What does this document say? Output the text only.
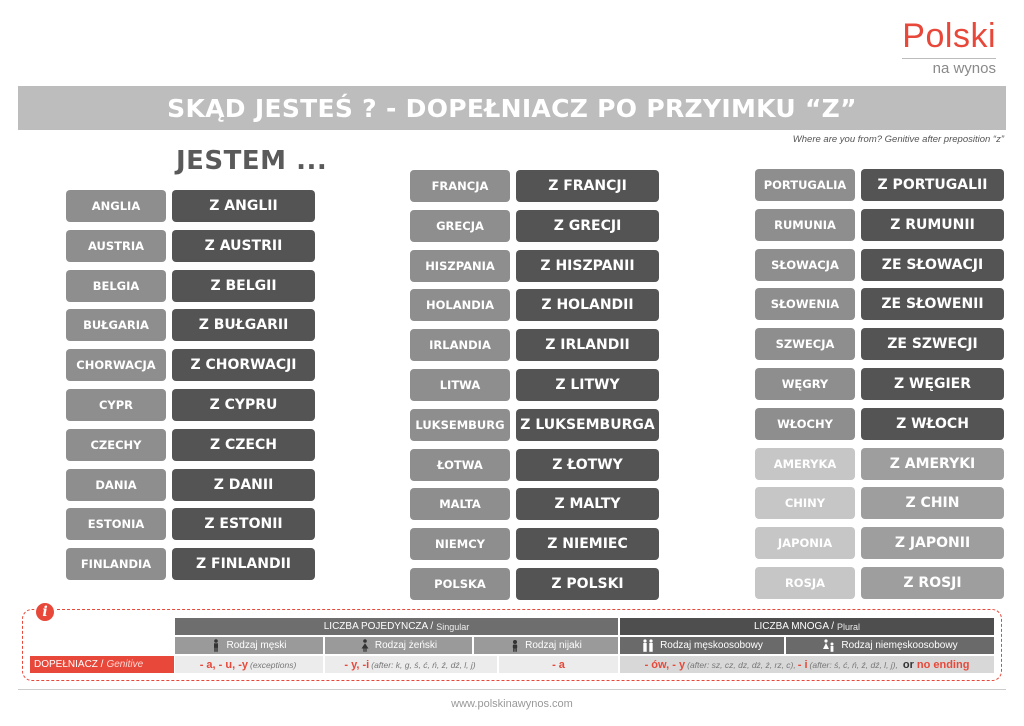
Polski
na wynos
SKĄD JESTEŚ ? - DOPEŁNIACZ PO PRZYIMKU “Z”
Where are you from? Genitive after preposition “z”
JESTEM ...
ANGLIA	Z ANGLII
AUSTRIA	Z AUSTRII
BELGIA	Z BELGII
BUŁGARIA	Z BUŁGARII
CHORWACJA	Z CHORWACJI
CYPR	Z CYPRU
CZECHY	Z CZECH
DANIA	Z DANII
ESTONIA	Z ESTONII
FINLANDIA	Z FINLANDII
FRANCJA	Z FRANCJI
GRECJA	Z GRECJI
HISZPANIA	Z HISZPANII
HOLANDIA	Z HOLANDII
IRLANDIA	Z IRLANDII
LITWA	Z LITWY
LUKSEMBURG	Z LUKSEMBURGA
ŁOTWA	Z ŁOTWY
MALTA	Z MALTY
NIEMCY	Z NIEMIEC
POLSKA	Z POLSKI
PORTUGALIA	Z PORTUGALII
RUMUNIA	Z RUMUNII
SŁOWACJA	ZE SŁOWACJI
SŁOWENIA	ZE SŁOWENII
SZWECJA	ZE SZWECJI
WĘGRY	Z WĘGIER
WŁOCHY	Z WŁOCH
AMERYKA	Z AMERYKI
CHINY	Z CHIN
JAPONIA	Z JAPONII
ROSJA	Z ROSJI
i
LICZBA POJEDYNCZA / Singular	LICZBA MNOGA / Plural
Rodzaj męski	Rodzaj żeński	Rodzaj nijaki	Rodzaj męskoosobowy	Rodzaj niemęskoosobowy
DOPEŁNIACZ / Genitive	- a, - u, -y (exceptions)	- y, -i (after: k, g, ś, ć, ń, ź, dź, l, j)	- a	- ów, - y (after: sz, cz, dz, dż, ż, rz, c), - i (after: ś, ć, ń, ź, dź, l, j), or no ending
www.polskinawynos.com
